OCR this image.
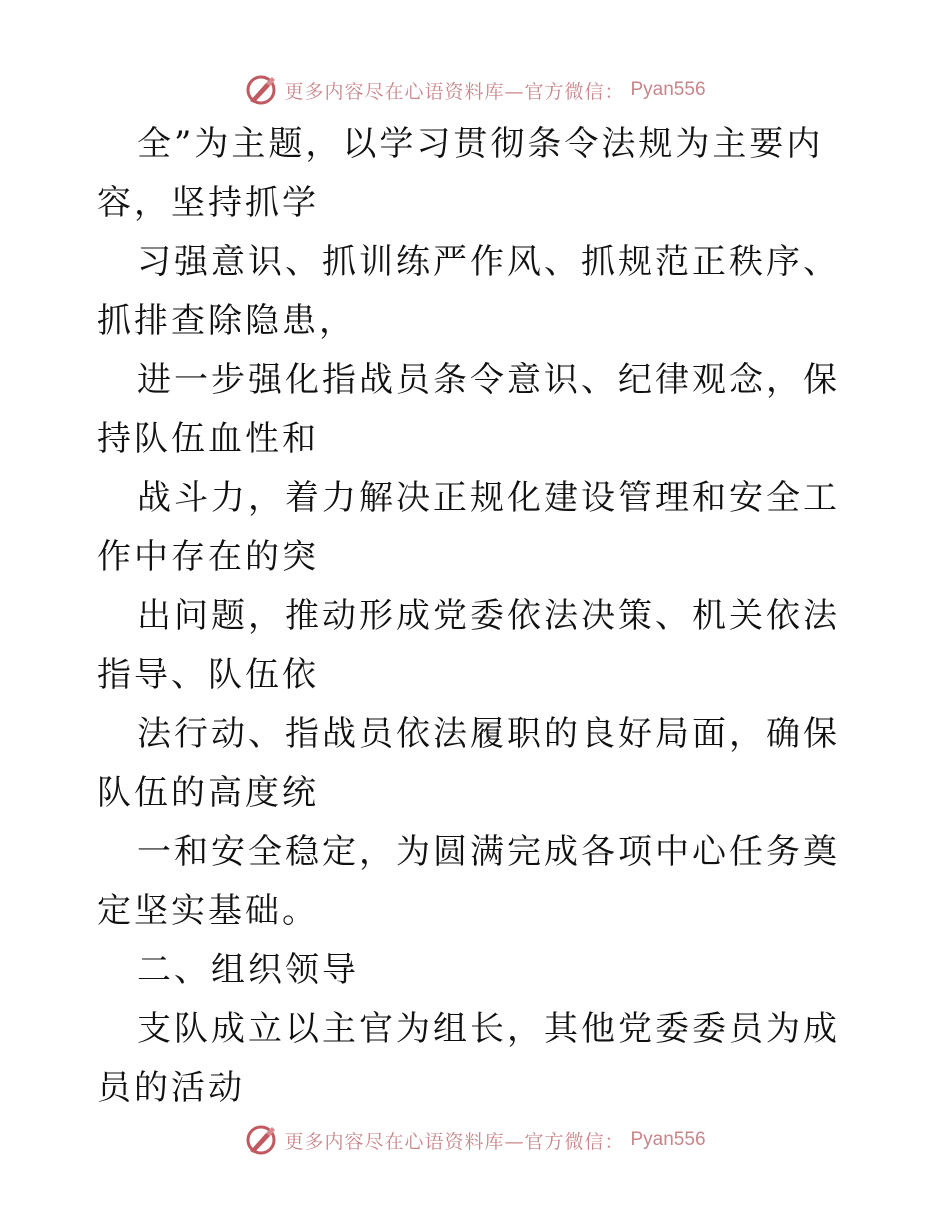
更多内容尽在心语资料库—官方微信： Pyan556

全”为主题，以学习贯彻条令法规为主要内容，坚持抓学

习强意识、抓训练严作风、抓规范正秩序、抓排查除隐患，

进一步强化指战员条令意识、纪律观念，保持队伍血性和

战斗力，着力解决正规化建设管理和安全工作中存在的突

出问题，推动形成党委依法决策、机关依法指导、队伍依

法行动、指战员依法履职的良好局面，确保队伍的高度统

一和安全稳定，为圆满完成各项中心任务奠定坚实基础。

二、组织领导

支队成立以主官为组长，其他党委委员为成员的活动

更多内容尽在心语资料库—官方微信： Pyan556
